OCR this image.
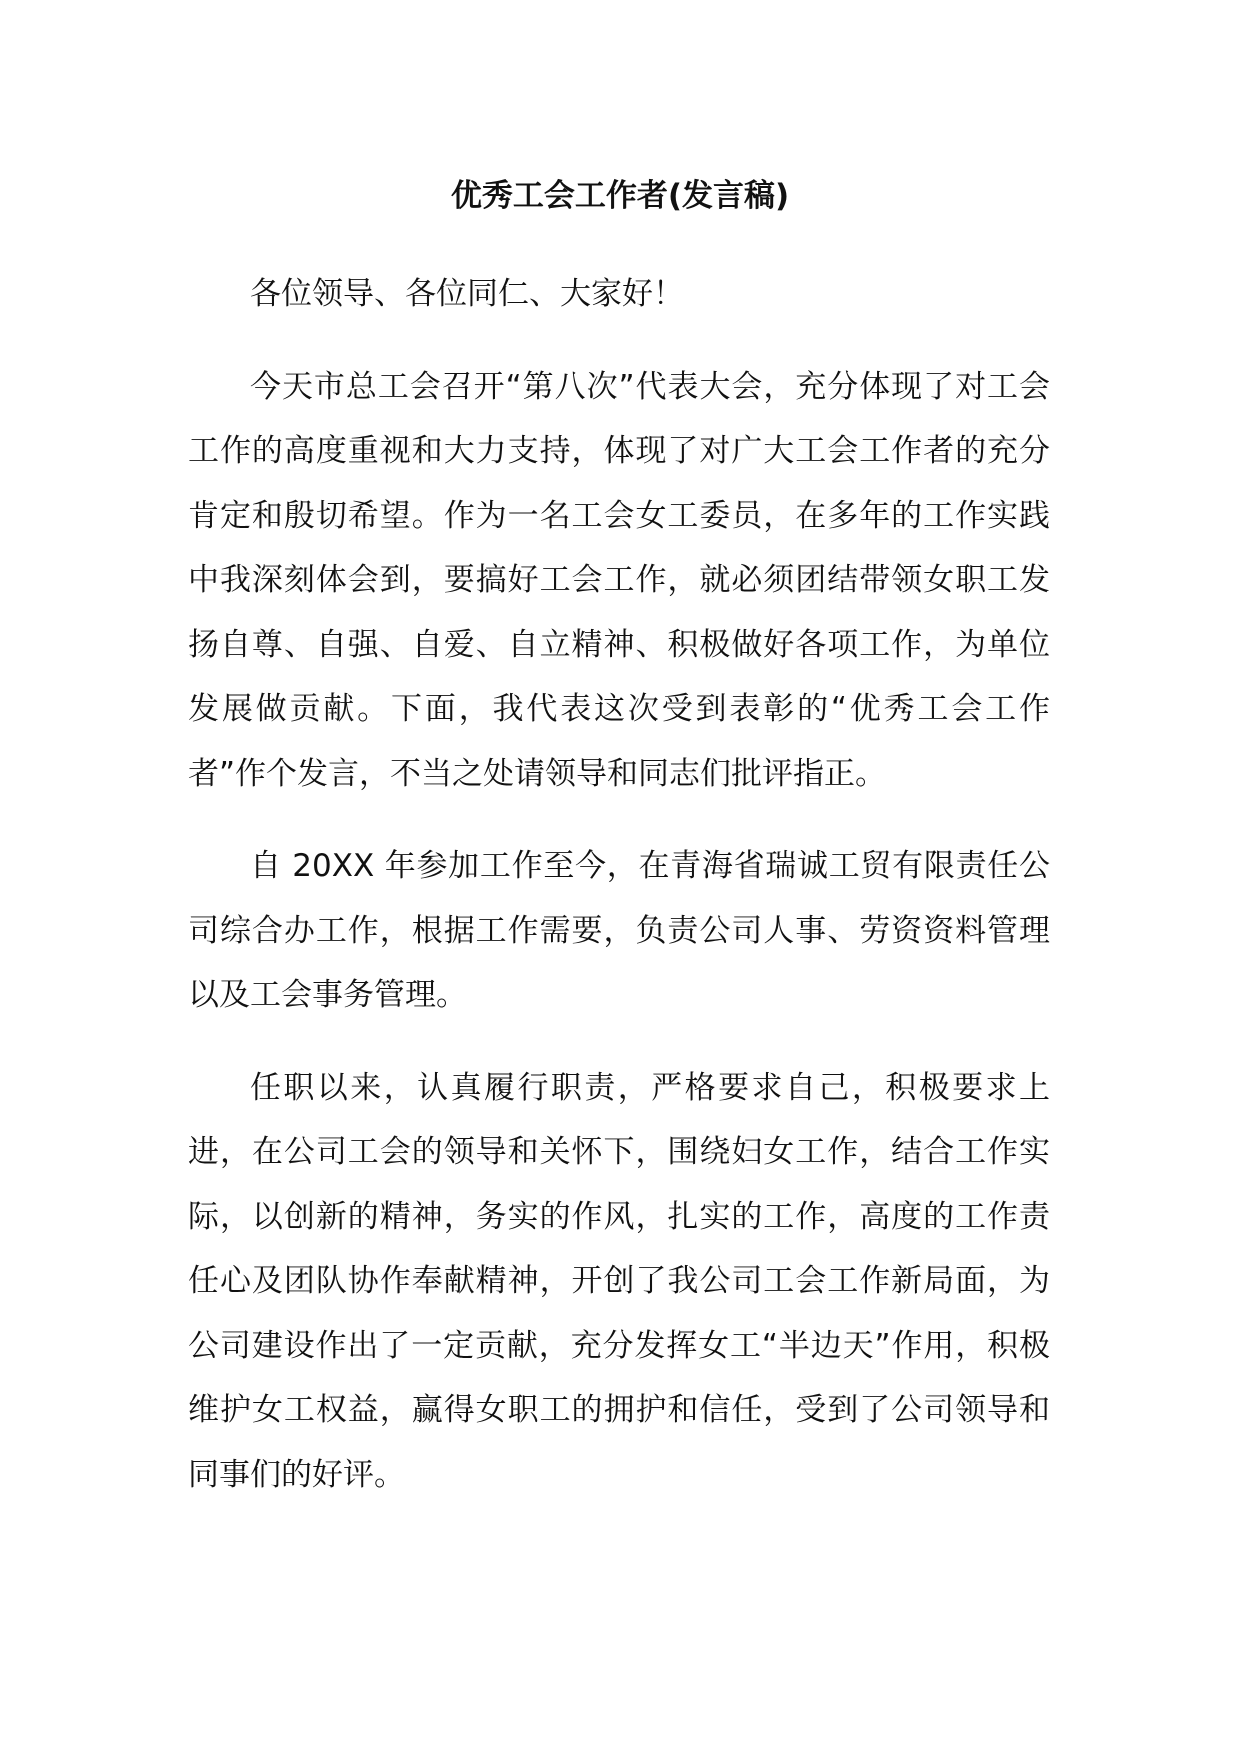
优秀工会工作者(发言稿)

各位领导、各位同仁、大家好！

今天市总工会召开“第八次”代表大会，充分体现了对工会工作的高度重视和大力支持，体现了对广大工会工作者的充分肯定和殷切希望。作为一名工会女工委员，在多年的工作实践中我深刻体会到，要搞好工会工作，就必须团结带领女职工发扬自尊、自强、自爱、自立精神、积极做好各项工作，为单位发展做贡献。下面，我代表这次受到表彰的“优秀工会工作者”作个发言，不当之处请领导和同志们批评指正。

自 20XX 年参加工作至今，在青海省瑞诚工贸有限责任公司综合办工作，根据工作需要，负责公司人事、劳资资料管理以及工会事务管理。

任职以来，认真履行职责，严格要求自己，积极要求上进，在公司工会的领导和关怀下，围绕妇女工作，结合工作实际，以创新的精神，务实的作风，扎实的工作，高度的工作责任心及团队协作奉献精神，开创了我公司工会工作新局面，为公司建设作出了一定贡献，充分发挥女工“半边天”作用，积极维护女工权益，赢得女职工的拥护和信任，受到了公司领导和同事们的好评。
